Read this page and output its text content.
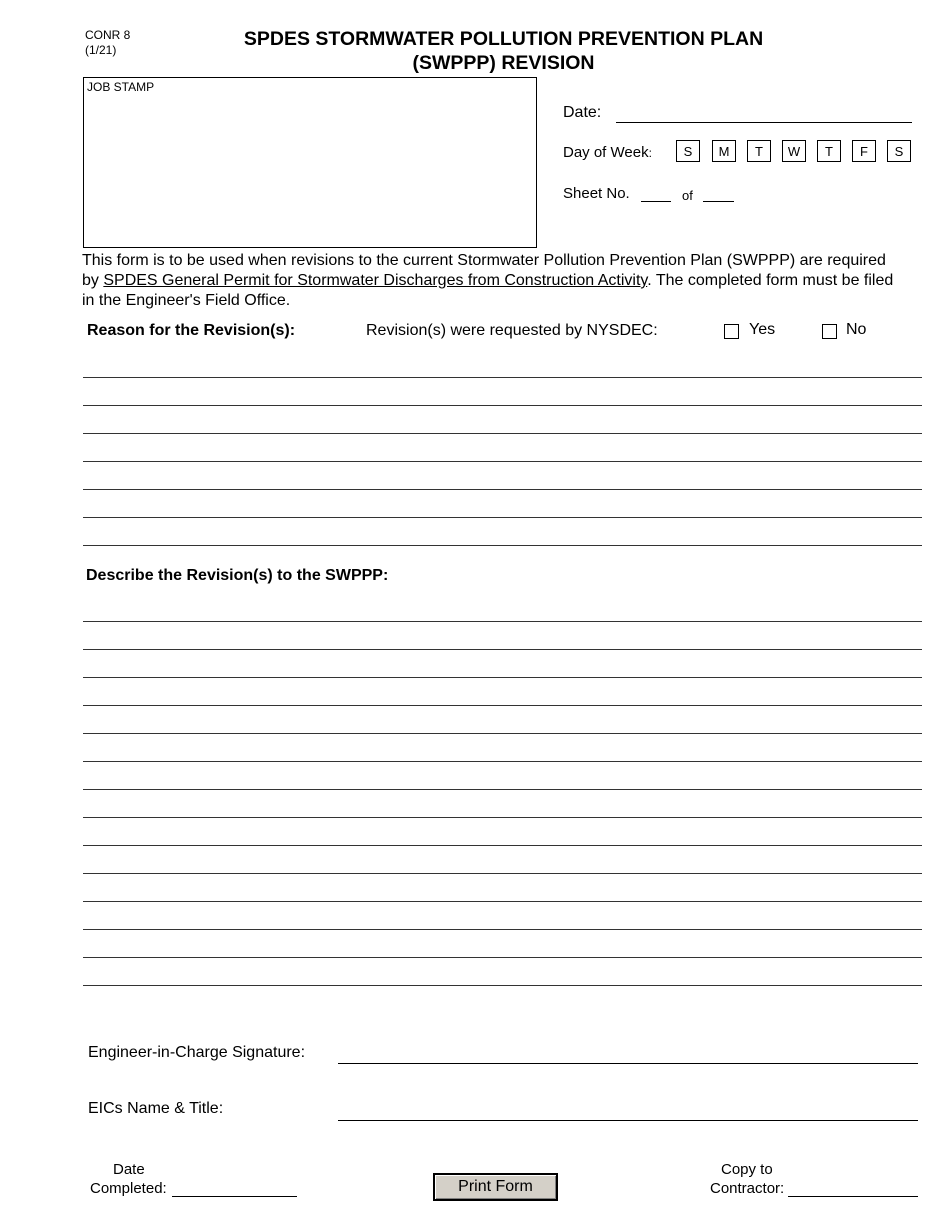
CONR 8
(1/21)	SPDES STORMWATER POLLUTION PREVENTION PLAN
(SWPPP) REVISION
JOB STAMP
Date:
Day of Week:	S	M	T	W	T	F	S
Sheet No.	of
This form is to be used when revisions to the current Stormwater Pollution Prevention Plan (SWPPP) are required by SPDES General Permit for Stormwater Discharges from Construction Activity. The completed form must be filed in the Engineer's Field Office.
Reason for the Revision(s):	Revision(s) were requested by NYSDEC:	Yes	No
Describe the Revision(s) to the SWPPP:
Engineer-in-Charge Signature:
EICs Name & Title:
Date
Completed:	Print Form
Copy to
Contractor:
